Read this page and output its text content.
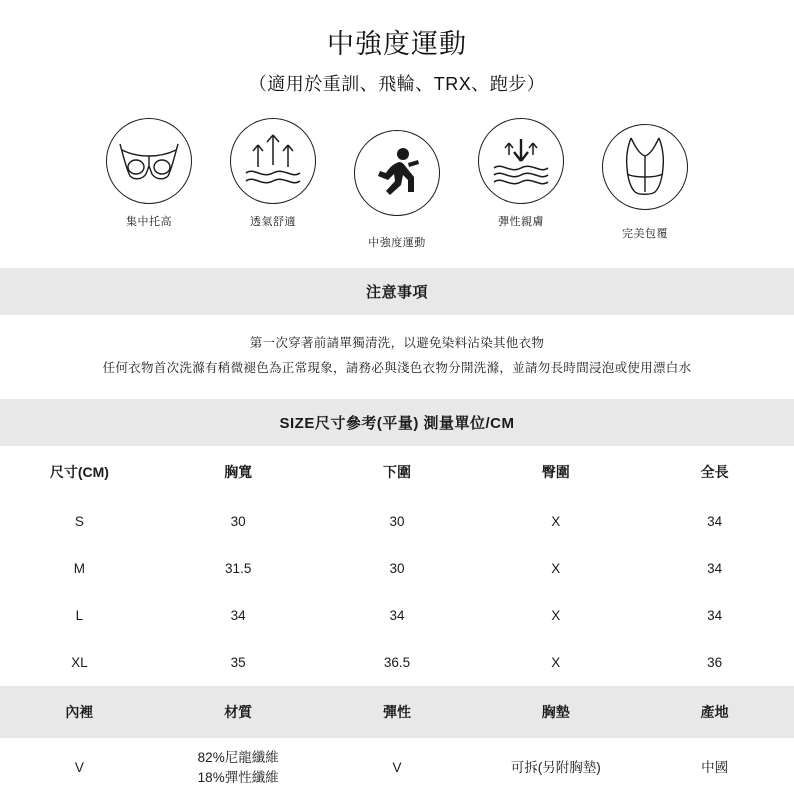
中強度運動
（適用於重訓、飛輪、TRX、跑步）
集中托高	透氣舒適
中強度運動
彈性親膚
完美包覆
注意事項
第一次穿著前請單獨清洗，以避免染料沾染其他衣物
任何衣物首次洗滌有稍微褪色為正常現象，請務必與淺色衣物分開洗滌，並請勿長時間浸泡或使用漂白水
SIZE尺寸參考(平量) 測量單位/CM
尺寸(CM)	胸寬	下圍	臀圍	全長
S	30	30	X	34
M	31.5	30	X	34
L	34	34	X	34
XL	35	36.5	X	36
內裡	材質	彈性	胸墊	產地
V	82%尼龍纖維
18%彈性纖維	V	可拆(另附胸墊)	中國
